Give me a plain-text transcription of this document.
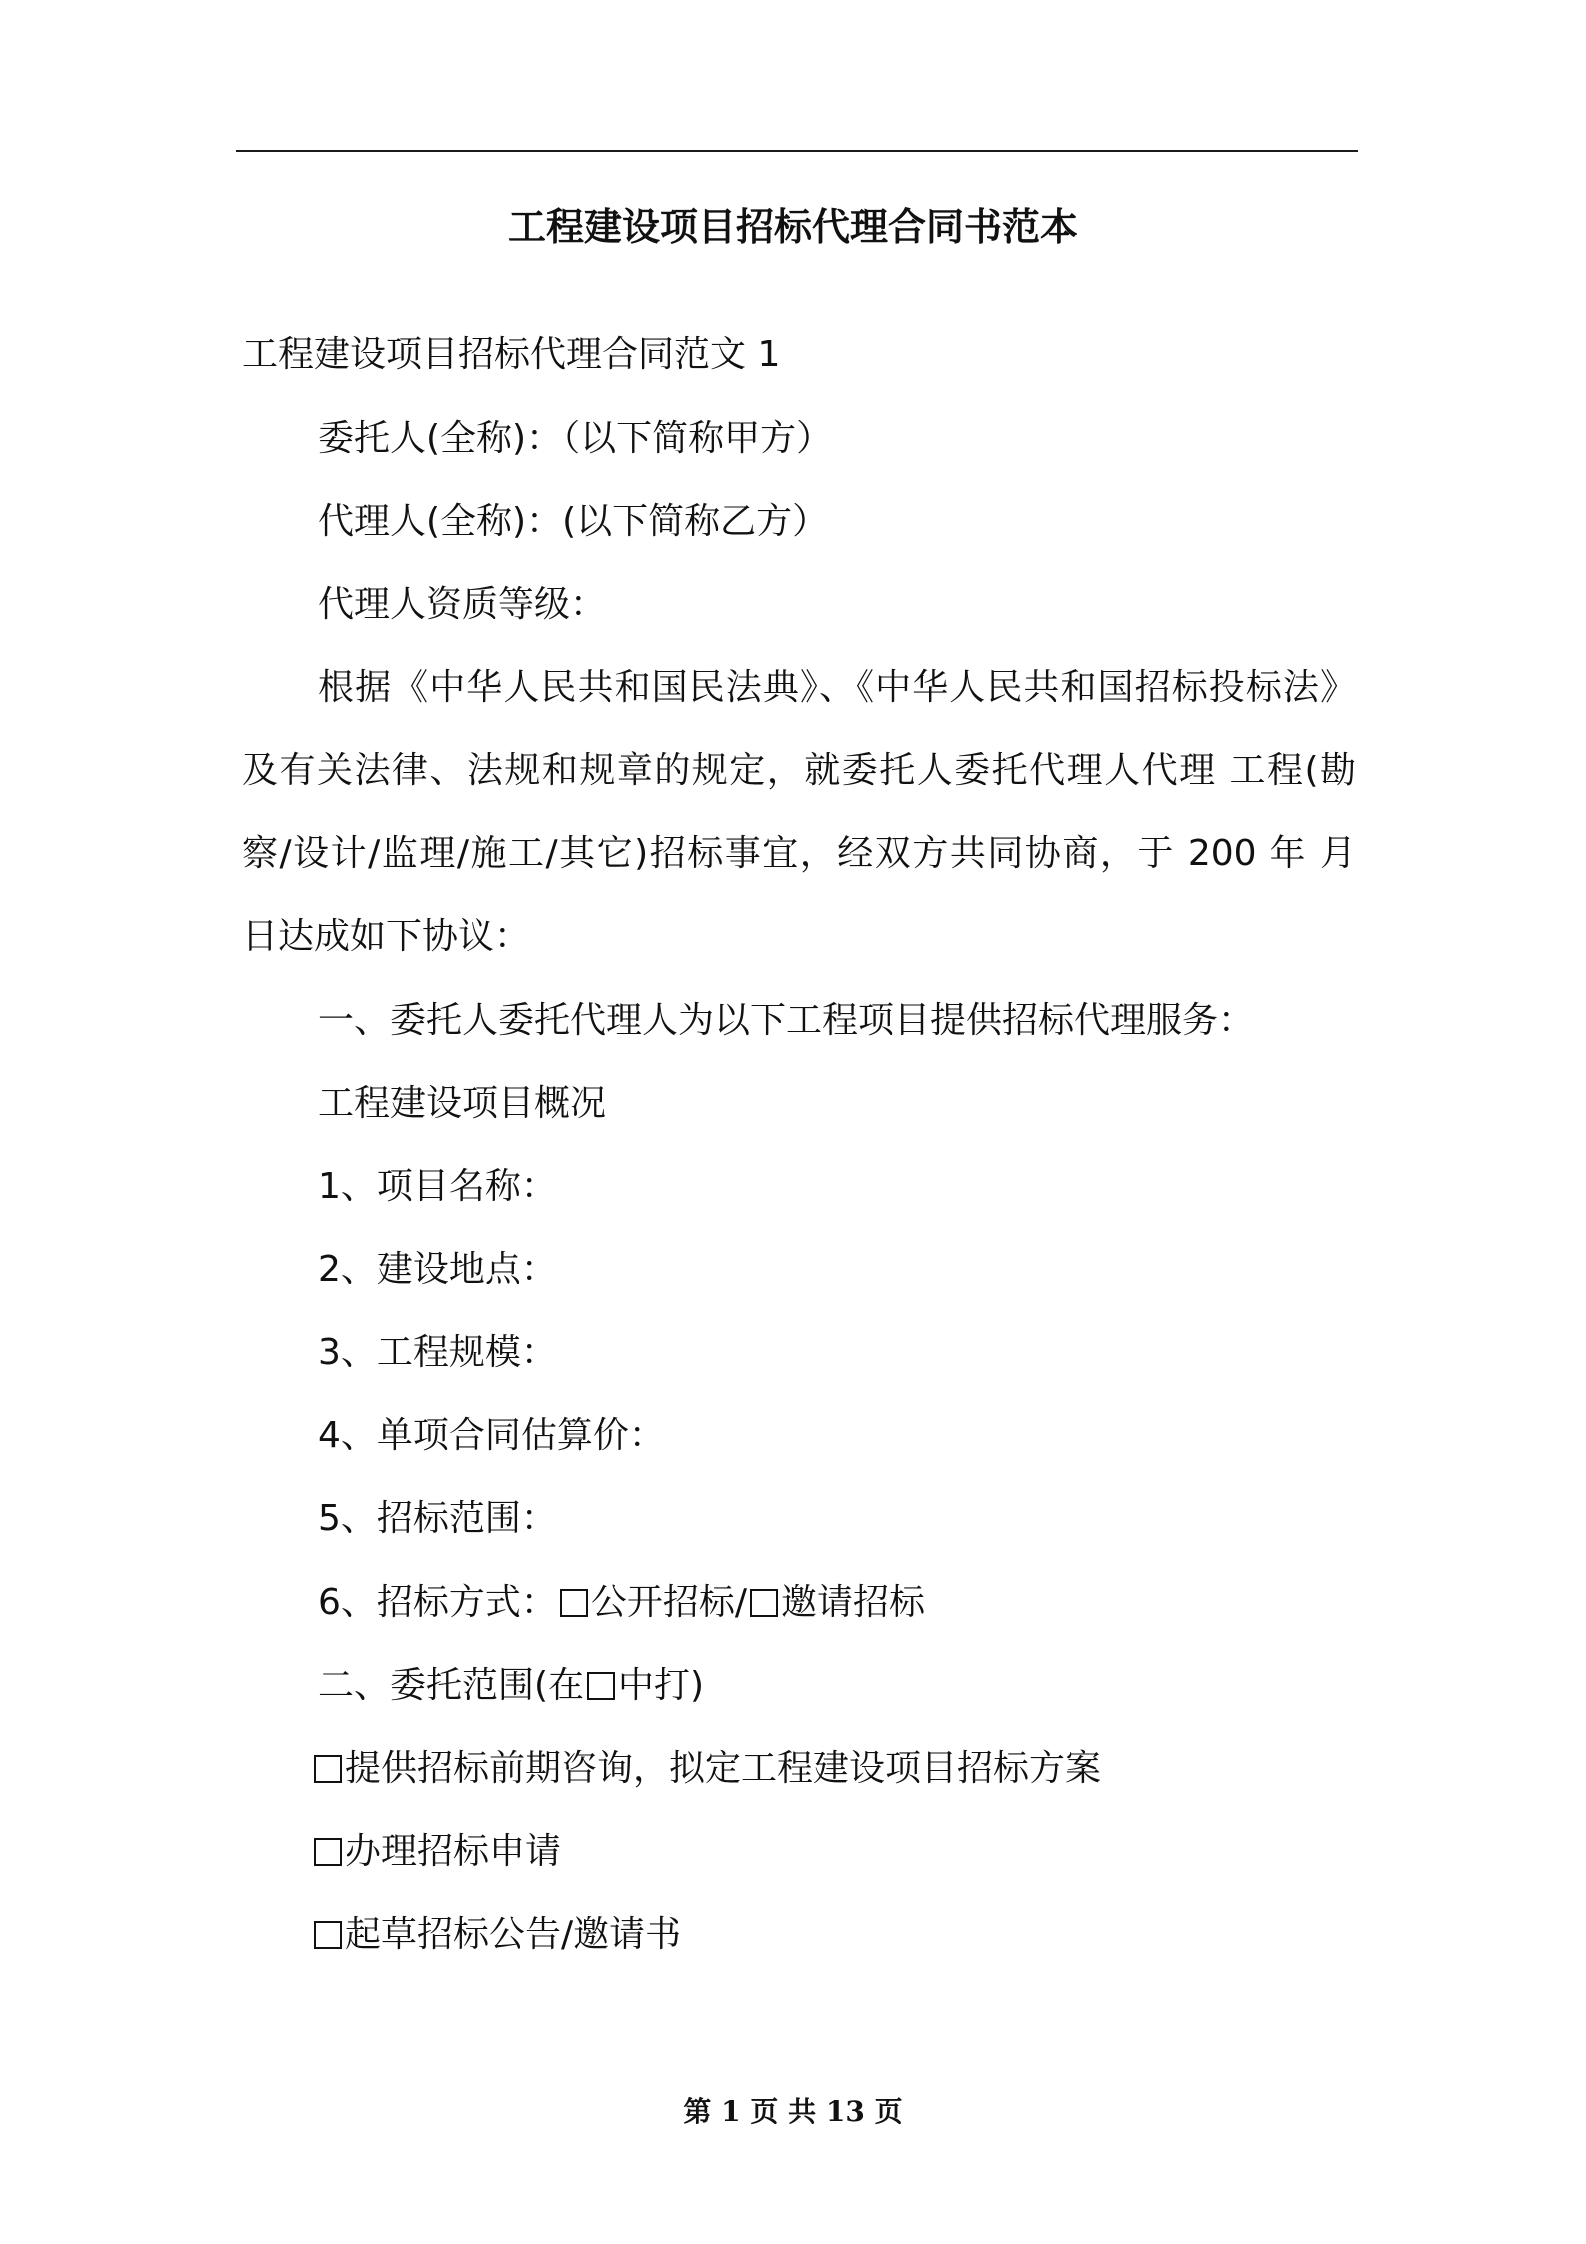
工程建设项目招标代理合同书范本
工程建设项目招标代理合同范文 1
委托人(全称)：（以下简称甲方）
代理人(全称)：(以下简称乙方）
代理人资质等级：
根据《中华人民共和国民法典》、《中华人民共和国招标投标法》
及有关法律、法规和规章的规定，就委托人委托代理人代理 工程(勘
察/设计/监理/施工/其它)招标事宜，经双方共同协商，于 200 年 月
日达成如下协议：
一、委托人委托代理人为以下工程项目提供招标代理服务：
工程建设项目概况
1、项目名称：
2、建设地点：
3、工程规模：
4、单项合同估算价：
5、招标范围：
6、招标方式： 公开招标/ 邀请招标
二、委托范围(在 中打)
提供招标前期咨询，拟定工程建设项目招标方案
办理招标申请
起草招标公告/邀请书
第 1 页 共 13 页
